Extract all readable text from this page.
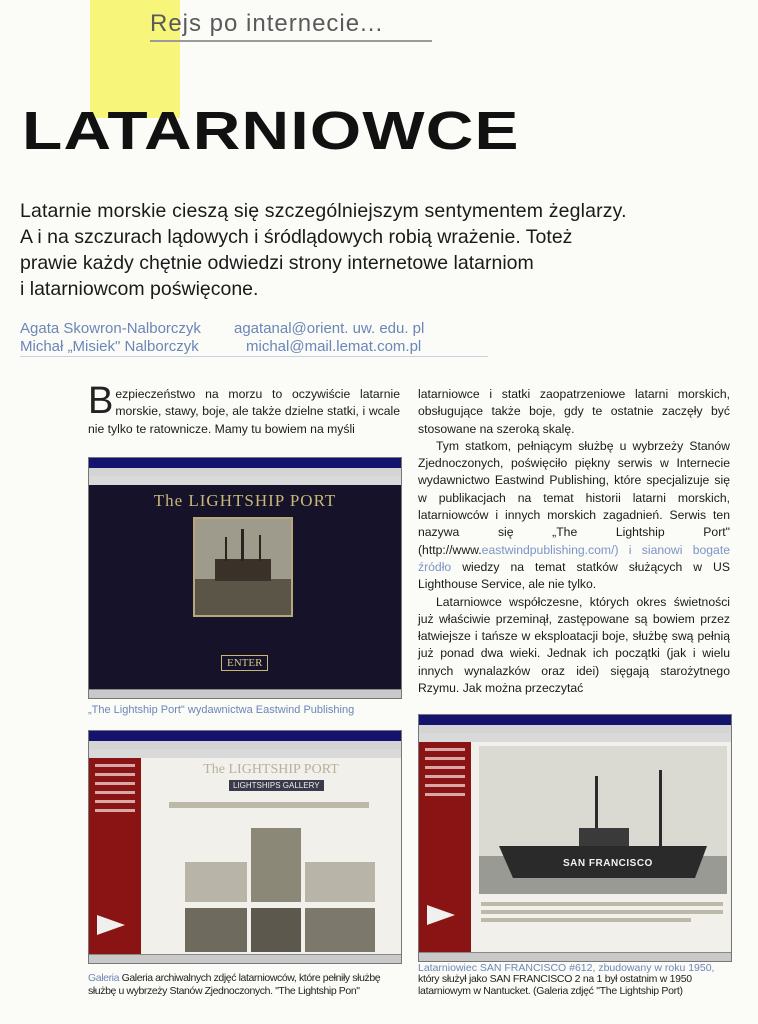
Rejs po internecie...
LATARNIOWCE
Latarnie morskie cieszą się szczególniejszym sentymentem żeglarzy.
A i na szczurach lądowych i śródlądowych robią wrażenie. Toteż
prawie każdy chętnie odwiedzi strony internetowe latarniom
i latarniowcom poświęcone.
Agata Skowron-Nalborczyk agatanal@orient. uw. edu. pl
Michał „Misiek" Nalborczyk	michal@mail.lemat.com.pl

Bezpieczeństwo na morzu to oczywiście latarnie morskie, stawy, boje, ale także dzielne statki, i wcale nie tylko te ratownicze. Mamy tu bowiem na myśli

latarniowce i statki zaopatrzeniowe latarni morskich, obsługujące także boje, gdy te ostatnie zaczęły być stosowane na szeroką skalę.

Tym statkom, pełniącym służbę u wybrzeży Stanów Zjednoczonych, poświęciło piękny serwis w Internecie wydawnictwo Eastwind Publishing, które specjalizuje się w publikacjach na temat historii latarni morskich, latarniowców i innych morskich zagadnień. Serwis ten nazywa się „The Lightship Port" (http://www.eastwindpublishing.com/) i sianowi bogate źródło wiedzy na temat statków służących w US Lighthouse Service, ale nie tylko.

Latarniowce współczesne, których okres świetności już właściwie przeminął, zastępowane są bowiem przez łatwiejsze i tańsze w eksploatacji boje, służbę swą pełnią już ponad dwa wieki. Jednak ich początki (jak i wielu innych wynalazków oraz idei) sięgają starożytnego Rzymu. Jak można przeczytać

The LIGHTSHIP PORT
ENTER
„The Lightship Port" wydawnictwa Eastwind Publishing
The LIGHTSHIP PORT
LIGHTSHIPS GALLERY
Galeria Galeria archiwalnych zdjęć latarniowców, które pełniły służbę służbę u wybrzeży Stanów Zjednoczonych. "The Lightship Pon"
SAN FRANCISCO
Latarniowiec SAN FRANCISCO #612, zbudowany w roku 1950,
który służył jako SAN FRANCISCO 2 na 1 był ostatnim w 1950
latarniowym w Nantucket. (Galeria zdjęć "The Lightship Port)
